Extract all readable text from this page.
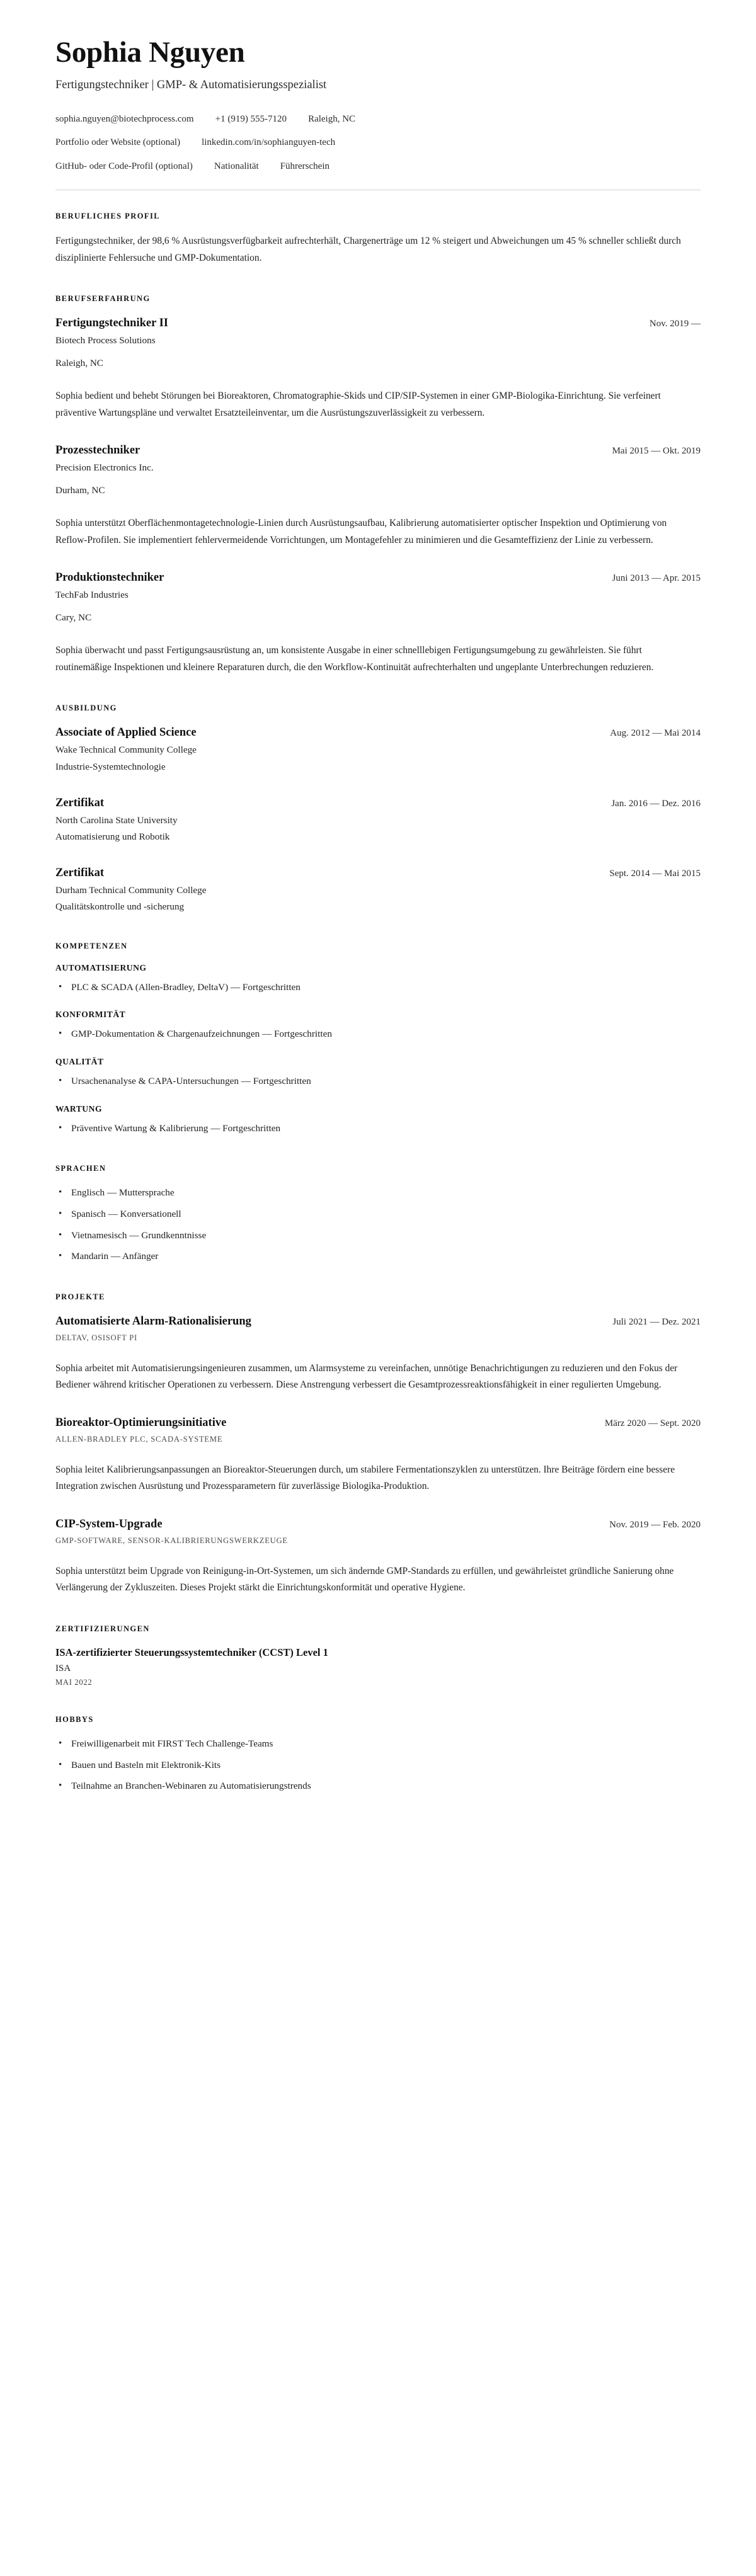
Sophia Nguyen
Fertigungstechniker | GMP- & Automatisierungsspezialist
sophia.nguyen@biotechprocess.com +1 (919) 555-7120 Raleigh, NC
Portfolio oder Website (optional) linkedin.com/in/sophianguyen-tech
GitHub- oder Code-Profil (optional) Nationalität Führerschein
BERUFLICHES PROFIL

Fertigungstechniker, der 98,6 % Ausrüstungsverfügbarkeit aufrechterhält, Chargenerträge um 12 % steigert und Abweichungen um 45 % schneller schließt durch disziplinierte Fehlersuche und GMP-Dokumentation.

BERUFSERFAHRUNG
Fertigungstechniker II	Nov. 2019 —
Biotech Process Solutions
Raleigh, NC

Sophia bedient und behebt Störungen bei Bioreaktoren, Chromatographie-Skids und CIP/SIP-Systemen in einer GMP-Biologika-Einrichtung. Sie verfeinert präventive Wartungspläne und verwaltet Ersatzteileinventar, um die Ausrüstungszuverlässigkeit zu verbessern.

Prozesstechniker	Mai 2015 — Okt. 2019
Precision Electronics Inc.
Durham, NC

Sophia unterstützt Oberflächenmontagetechnologie-Linien durch Ausrüstungsaufbau, Kalibrierung automatisierter optischer Inspektion und Optimierung von Reflow-Profilen. Sie implementiert fehlervermeidende Vorrichtungen, um Montagefehler zu minimieren und die Gesamteffizienz der Linie zu verbessern.

Produktionstechniker	Juni 2013 — Apr. 2015
TechFab Industries
Cary, NC

Sophia überwacht und passt Fertigungsausrüstung an, um konsistente Ausgabe in einer schnelllebigen Fertigungsumgebung zu gewährleisten. Sie führt routinemäßige Inspektionen und kleinere Reparaturen durch, die den Workflow-Kontinuität aufrechterhalten und ungeplante Unterbrechungen reduzieren.

AUSBILDUNG
Associate of Applied Science	Aug. 2012 — Mai 2014
Wake Technical Community College
Industrie-Systemtechnologie
Zertifikat	Jan. 2016 — Dez. 2016
North Carolina State University
Automatisierung und Robotik
Zertifikat	Sept. 2014 — Mai 2015
Durham Technical Community College
Qualitätskontrolle und -sicherung
KOMPETENZEN
AUTOMATISIERUNG
• PLC & SCADA (Allen-Bradley, DeltaV) — Fortgeschritten
KONFORMITÄT
• GMP-Dokumentation & Chargenaufzeichnungen — Fortgeschritten
QUALITÄT
• Ursachenanalyse & CAPA-Untersuchungen — Fortgeschritten
WARTUNG
• Präventive Wartung & Kalibrierung — Fortgeschritten
SPRACHEN
• Englisch — Muttersprache
• Spanisch — Konversationell
• Vietnamesisch — Grundkenntnisse
• Mandarin — Anfänger
PROJEKTE
Automatisierte Alarm-Rationalisierung	Juli 2021 — Dez. 2021
DELTAV, OSISOFT PI

Sophia arbeitet mit Automatisierungsingenieuren zusammen, um Alarmsysteme zu vereinfachen, unnötige Benachrichtigungen zu reduzieren und den Fokus der Bediener während kritischer Operationen zu verbessern. Diese Anstrengung verbessert die Gesamtprozessreaktionsfähigkeit in einer regulierten Umgebung.

Bioreaktor-Optimierungsinitiative	März 2020 — Sept. 2020
ALLEN-BRADLEY PLC, SCADA-SYSTEME

Sophia leitet Kalibrierungsanpassungen an Bioreaktor-Steuerungen durch, um stabilere Fermentationszyklen zu unterstützen. Ihre Beiträge fördern eine bessere Integration zwischen Ausrüstung und Prozessparametern für zuverlässige Biologika-Produktion.

CIP-System-Upgrade	Nov. 2019 — Feb. 2020
GMP-SOFTWARE, SENSOR-KALIBRIERUNGSWERKZEUGE

Sophia unterstützt beim Upgrade von Reinigung-in-Ort-Systemen, um sich ändernde GMP-Standards zu erfüllen, und gewährleistet gründliche Sanierung ohne Verlängerung der Zykluszeiten. Dieses Projekt stärkt die Einrichtungskonformität und operative Hygiene.

ZERTIFIZIERUNGEN
ISA-zertifizierter Steuerungssystemtechniker (CCST) Level 1
ISA
MAI 2022
HOBBYS
• Freiwilligenarbeit mit FIRST Tech Challenge-Teams
• Bauen und Basteln mit Elektronik-Kits
• Teilnahme an Branchen-Webinaren zu Automatisierungstrends
